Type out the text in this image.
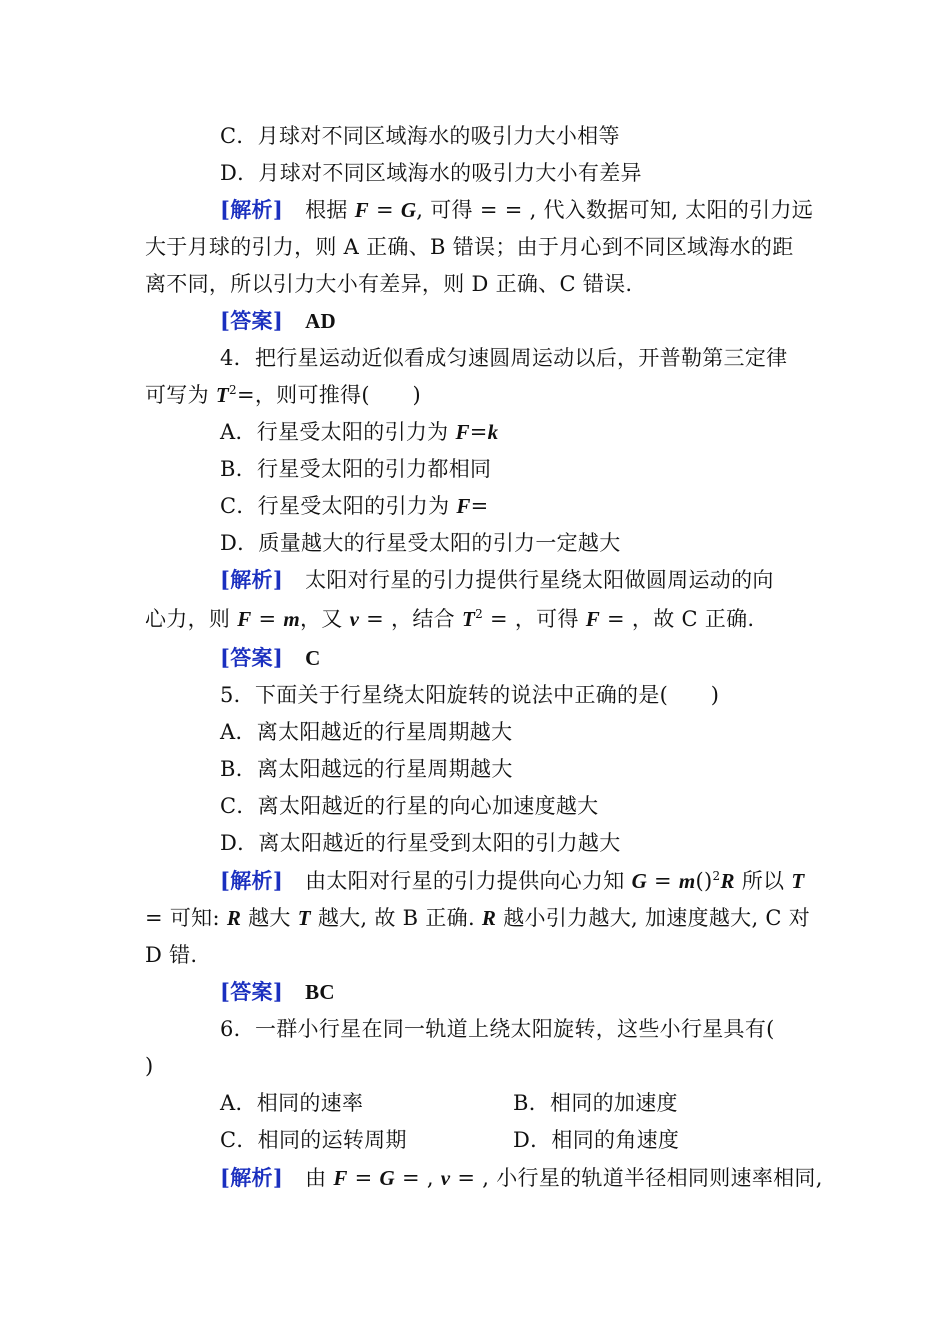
C．月球对不同区域海水的吸引力大小相等
D．月球对不同区域海水的吸引力大小有差异
[解析] 根据 F = G, 可得 = = , 代入数据可知, 太阳的引力远
大于月球的引力，则 A 正确、B 错误；由于月心到不同区域海水的距
离不同，所以引力大小有差异，则 D 正确、C 错误.
[答案] AD
4．把行星运动近似看成匀速圆周运动以后，开普勒第三定律
可写为 $T^2=$，则可推得(　　)
A．行星受太阳的引力为 F=k
B．行星受太阳的引力都相同
C．行星受太阳的引力为 F=
D．质量越大的行星受太阳的引力一定越大
[解析] 太阳对行星的引力提供行星绕太阳做圆周运动的向
心力，则 F = m，又 v = ，结合 $T^2$ = ，可得 F = ，故 C 正确.
[答案] C
5．下面关于行星绕太阳旋转的说法中正确的是(　　)
A．离太阳越近的行星周期越大
B．离太阳越远的行星周期越大
C．离太阳越近的行星的向心加速度越大
D．离太阳越近的行星受到太阳的引力越大
[解析] 由太阳对行星的引力提供向心力知 G = m()$^2$R 所以 T
= 可知: R 越大 T 越大, 故 B 正确. R 越小引力越大, 加速度越大, C 对
D 错.
[答案] BC
6．一群小行星在同一轨道上绕太阳旋转，这些小行星具有(
)
A．相同的速率	B．相同的加速度
C．相同的运转周期	D．相同的角速度
[解析] 由 F = G = , v = , 小行星的轨道半径相同则速率相同,
